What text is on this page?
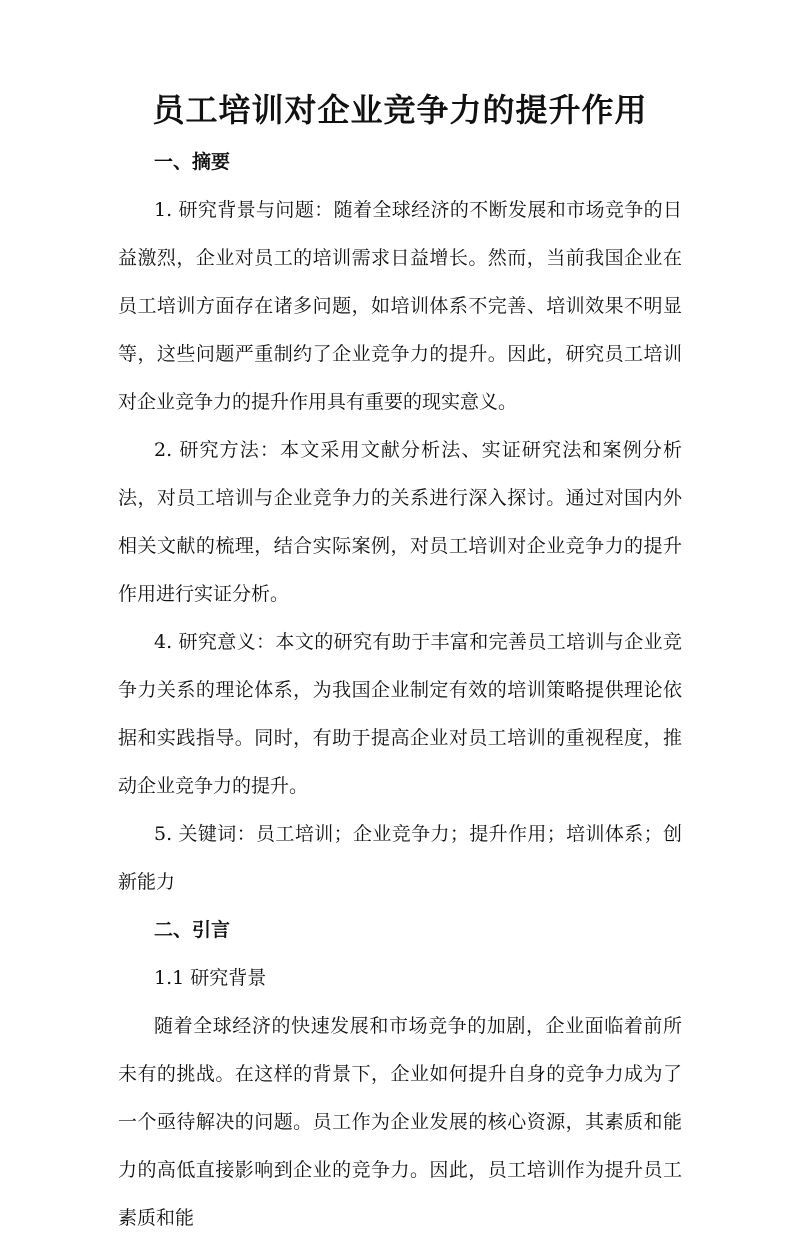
员工培训对企业竞争力的提升作用

一、摘要

1. 研究背景与问题：随着全球经济的不断发展和市场竞争的日益激烈，企业对员工的培训需求日益增长。然而，当前我国企业在员工培训方面存在诸多问题，如培训体系不完善、培训效果不明显等，这些问题严重制约了企业竞争力的提升。因此，研究员工培训对企业竞争力的提升作用具有重要的现实意义。

2. 研究方法：本文采用文献分析法、实证研究法和案例分析法，对员工培训与企业竞争力的关系进行深入探讨。通过对国内外相关文献的梳理，结合实际案例，对员工培训对企业竞争力的提升作用进行实证分析。

4. 研究意义：本文的研究有助于丰富和完善员工培训与企业竞争力关系的理论体系，为我国企业制定有效的培训策略提供理论依据和实践指导。同时，有助于提高企业对员工培训的重视程度，推动企业竞争力的提升。

5. 关键词：员工培训；企业竞争力；提升作用；培训体系；创新能力

二、引言

1.1 研究背景

随着全球经济的快速发展和市场竞争的加剧，企业面临着前所未有的挑战。在这样的背景下，企业如何提升自身的竞争力成为了一个亟待解决的问题。员工作为企业发展的核心资源，其素质和能力的高低直接影响到企业的竞争力。因此，员工培训作为提升员工素质和能
